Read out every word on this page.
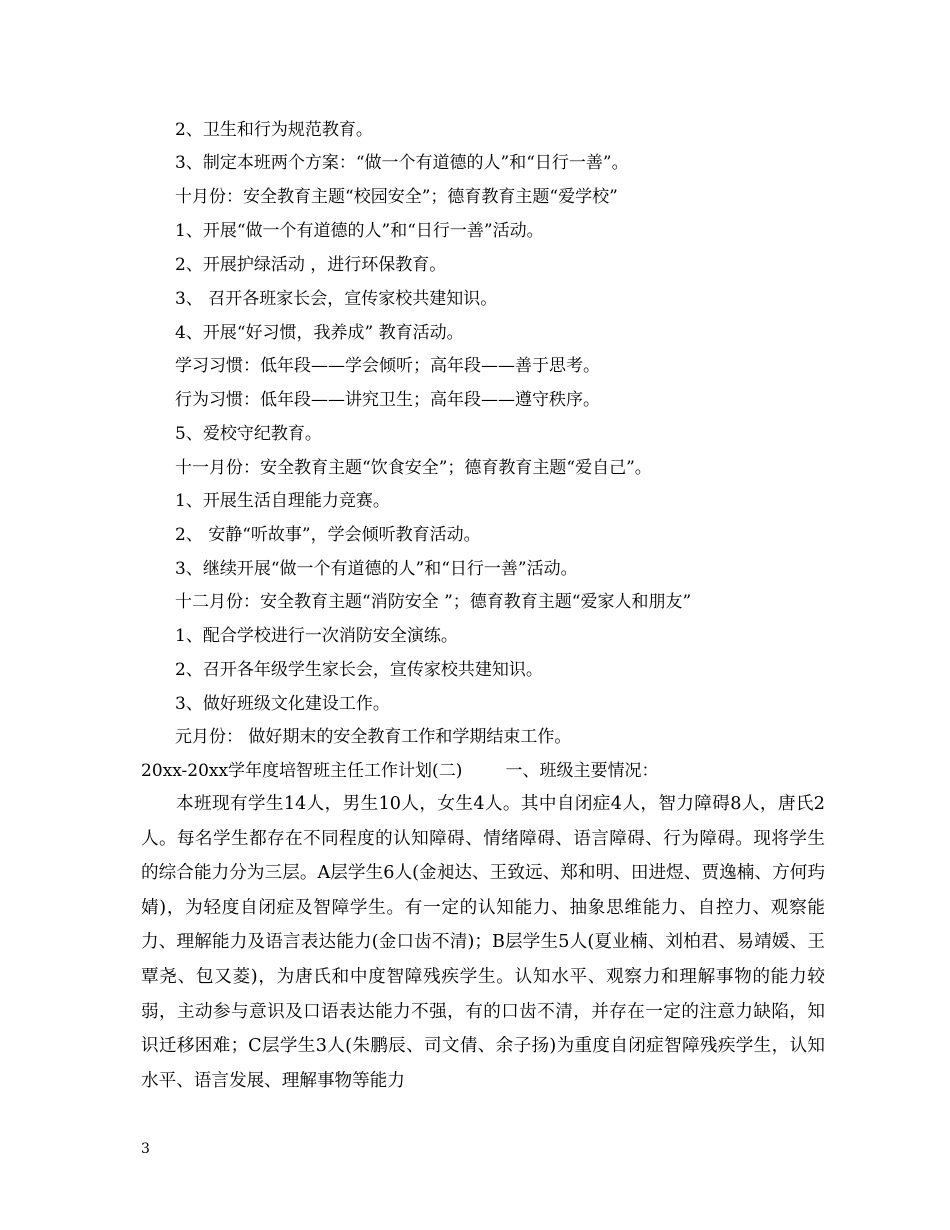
2、卫生和行为规范教育。
3、制定本班两个方案：“做一个有道德的人”和“日行一善”。
十月份：安全教育主题“校园安全”；德育教育主题“爱学校”
1、开展“做一个有道德的人”和“日行一善”活动。
2、开展护绿活动 ，进行环保教育。
3、 召开各班家长会，宣传家校共建知识。
4、开展“好习惯，我养成” 教育活动。
学习习惯：低年段——学会倾听；高年段——善于思考。
行为习惯：低年段——讲究卫生；高年段——遵守秩序。
5、爱校守纪教育。
十一月份：安全教育主题“饮食安全”；德育教育主题“爱自己”。
1、开展生活自理能力竞赛。
2、 安静“听故事”，学会倾听教育活动。
3、继续开展“做一个有道德的人”和“日行一善”活动。
十二月份：安全教育主题“消防安全 ”；德育教育主题“爱家人和朋友”
1、配合学校进行一次消防安全演练。
2、召开各年级学生家长会，宣传家校共建知识。
3、做好班级文化建设工作。
元月份： 做好期末的安全教育工作和学期结束工作。
20xx-20xx学年度培智班主任工作计划(二)        一、班级主要情况：
本班现有学生14人，男生10人，女生4人。其中自闭症4人，智力障碍8人，唐氏2人。每名学生都存在不同程度的认知障碍、情绪障碍、语言障碍、行为障碍。现将学生的综合能力分为三层。A层学生6人(金昶达、王致远、郑和明、田进煜、贾逸楠、方何玙婧)，为轻度自闭症及智障学生。有一定的认知能力、抽象思维能力、自控力、观察能力、理解能力及语言表达能力(金口齿不清)；B层学生5人(夏业楠、刘柏君、易靖媛、王覃尧、包又菱)，为唐氏和中度智障残疾学生。认知水平、观察力和理解事物的能力较弱，主动参与意识及口语表达能力不强，有的口齿不清，并存在一定的注意力缺陷，知识迁移困难；C层学生3人(朱鹏辰、司文倩、余子扬)为重度自闭症智障残疾学生，认知水平、语言发展、理解事物等能力
3
